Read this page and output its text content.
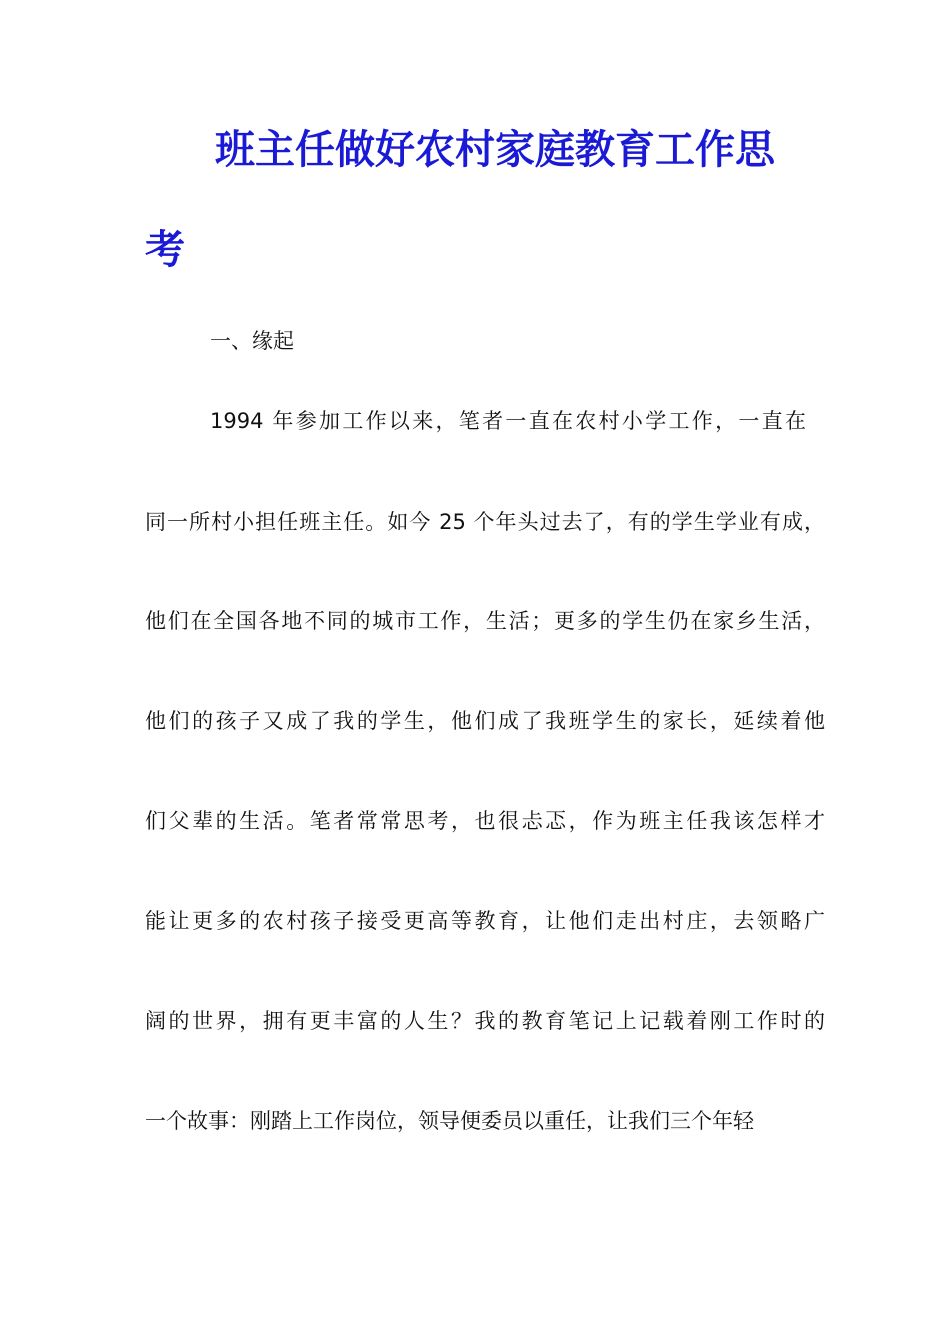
班主任做好农村家庭教育工作思
考
一、缘起

1994 年参加工作以来，笔者一直在农村小学工作，一直在

同一所村小担任班主任。如今 25 个年头过去了，有的学生学业有成，

他们在全国各地不同的城市工作，生活；更多的学生仍在家乡生活，

他们的孩子又成了我的学生，他们成了我班学生的家长，延续着他

们父辈的生活。笔者常常思考，也很忐忑，作为班主任我该怎样才

能让更多的农村孩子接受更高等教育，让他们走出村庄，去领略广

阔的世界，拥有更丰富的人生？我的教育笔记上记载着刚工作时的

一个故事：刚踏上工作岗位，领导便委员以重任，让我们三个年轻
